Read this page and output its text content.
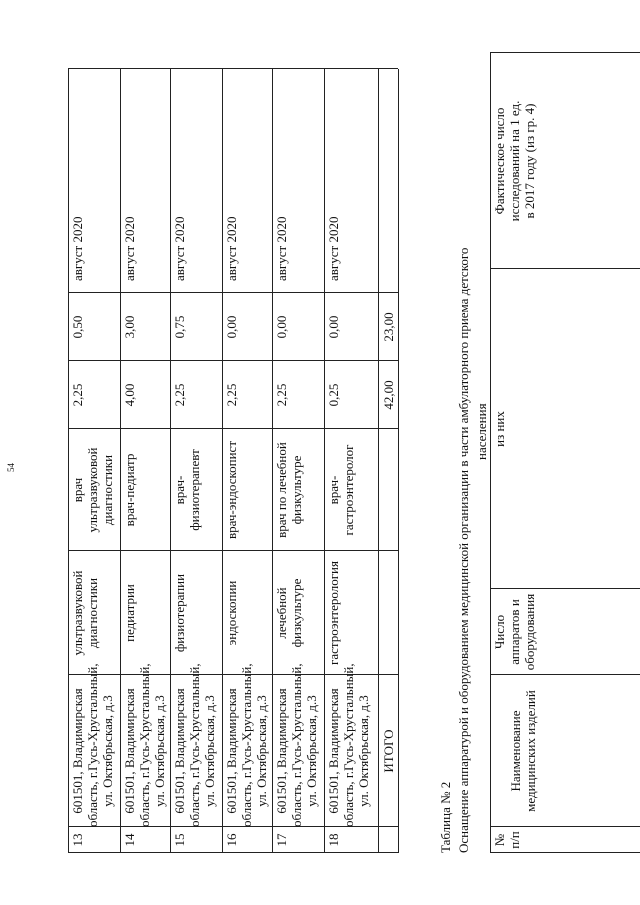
54
13
601501, Владимирская область, г.Гусь-Хрустальный, ул. Октябрьская, д.3
ультразвуковой диагностики
врач ультразвуковой диагностики
2,25
0,50
август 2020
14
601501, Владимирская область, г.Гусь-Хрустальный, ул. Октябрьская, д.3
педиатрии
врач-педиатр
4,00
3,00
август 2020
15
601501, Владимирская область, г.Гусь-Хрустальный, ул. Октябрьская, д.3
физиотерапии
врач- физиотерапевт
2,25
0,75
август 2020
16
601501, Владимирская область, г.Гусь-Хрустальный, ул. Октябрьская, д.3
эндоскопии
врач-эндоскопист
2,25
0,00
август 2020
17
601501, Владимирская область, г.Гусь-Хрустальный, ул. Октябрьская, д.3
лечебной физкультуре
врач по лечебной физкультуре
2,25
0,00
август 2020
18
601501, Владимирская область, г.Гусь-Хрустальный, ул. Октябрьская, д.3
гастроэнтерология
врач- гастроэнтеролог
0,25
0,00
август 2020
ИТОГО
42,00
23,00
Таблица № 2 Оснащение аппаратурой и оборудованием медицинской организации в части амбулаторного приема детского населения
№ п/п
Наименование медицинских изделий
Число аппаратов и оборудования
из них
Фактическое число исследований на 1 ед. в 2017 году (из гр. 4)
